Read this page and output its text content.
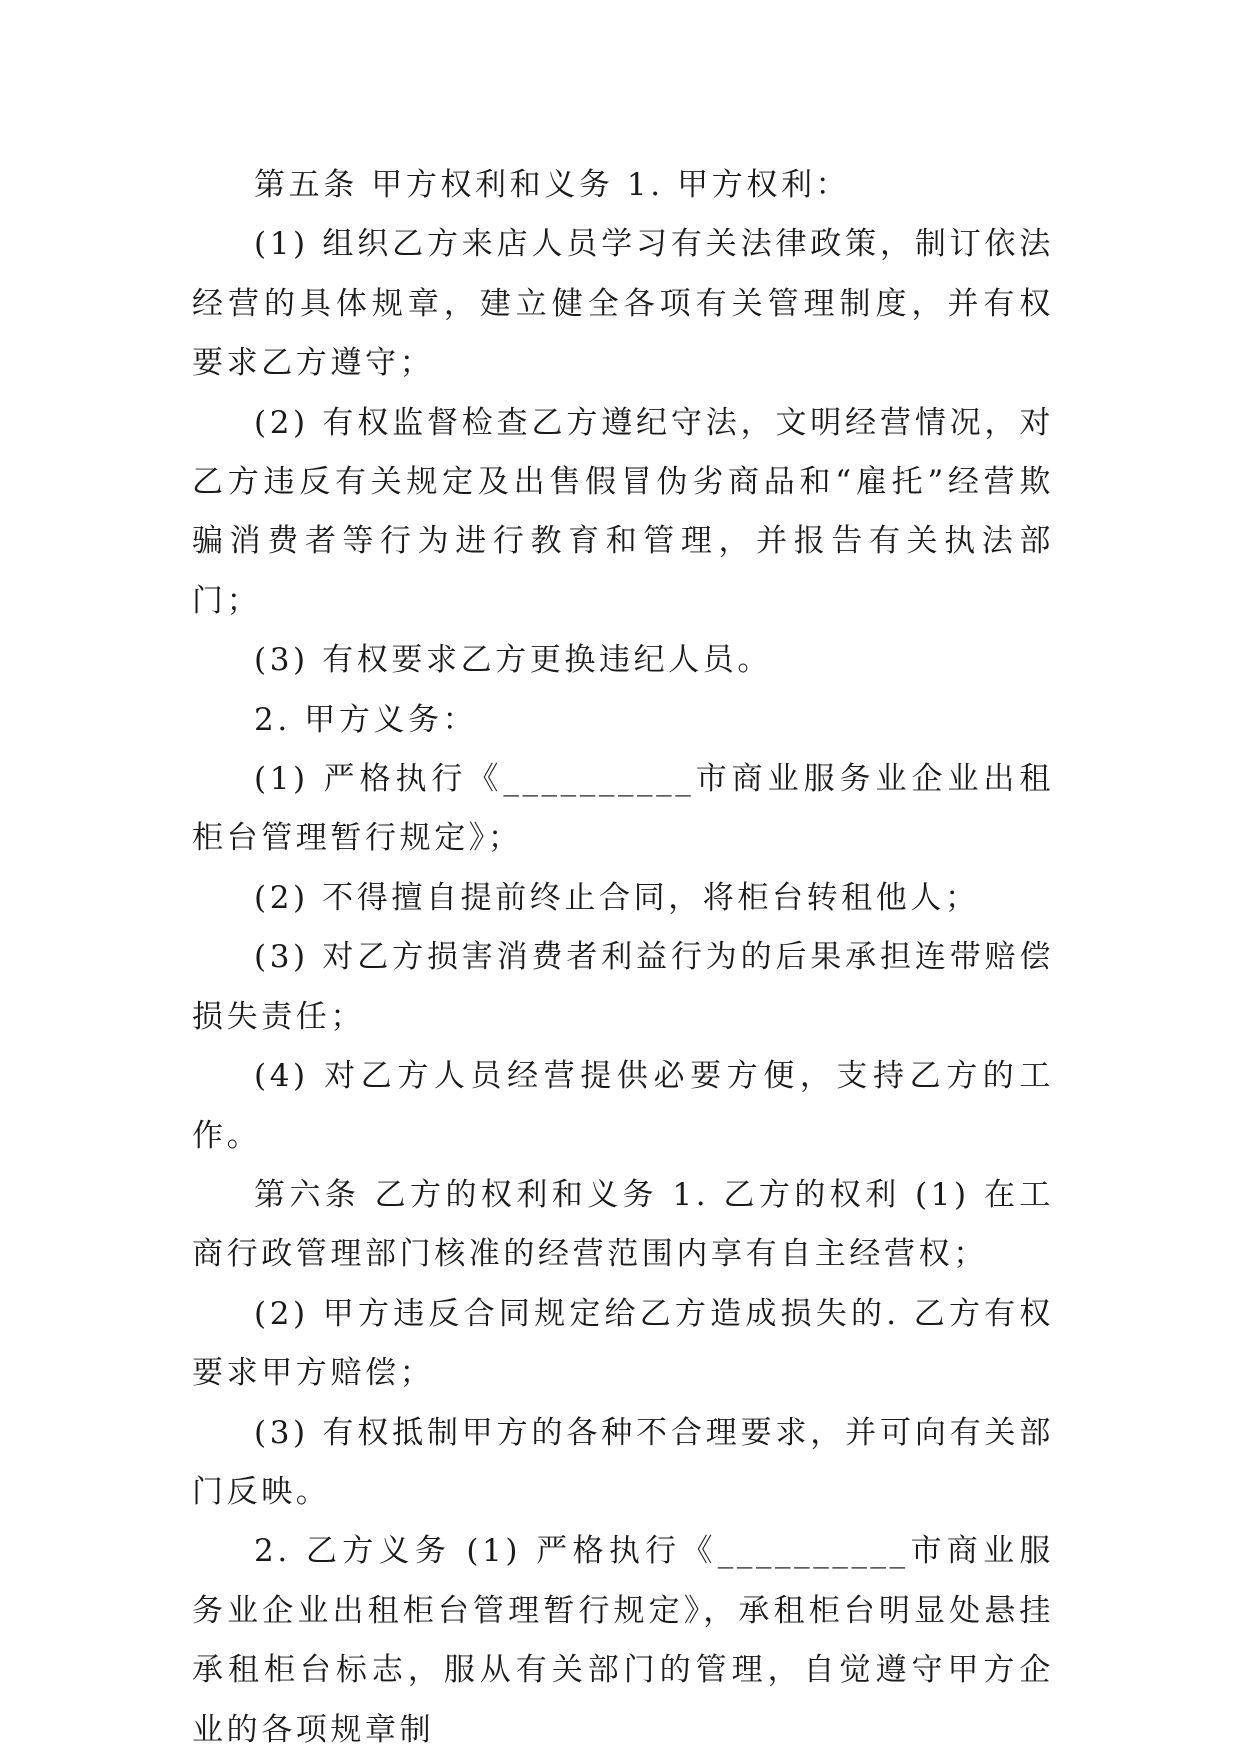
第五条 甲方权利和义务 1. 甲方权利：

(1) 组织乙方来店人员学习有关法律政策，制订依法经营的具体规章，建立健全各项有关管理制度，并有权要求乙方遵守；

(2) 有权监督检查乙方遵纪守法，文明经营情况，对乙方违反有关规定及出售假冒伪劣商品和“雇托”经营欺骗消费者等行为进行教育和管理，并报告有关执法部门；

(3) 有权要求乙方更换违纪人员。

2. 甲方义务：

(1) 严格执行《__________市商业服务业企业出租柜台管理暂行规定》；

(2) 不得擅自提前终止合同，将柜台转租他人；

(3) 对乙方损害消费者利益行为的后果承担连带赔偿损失责任；

(4) 对乙方人员经营提供必要方便，支持乙方的工作。

第六条 乙方的权利和义务 1. 乙方的权利 (1) 在工商行政管理部门核准的经营范围内享有自主经营权；

(2) 甲方违反合同规定给乙方造成损失的. 乙方有权要求甲方赔偿；

(3) 有权抵制甲方的各种不合理要求，并可向有关部门反映。

2. 乙方义务 (1) 严格执行《__________市商业服务业企业出租柜台管理暂行规定》，承租柜台明显处悬挂承租柜台标志，服从有关部门的管理，自觉遵守甲方企业的各项规章制
